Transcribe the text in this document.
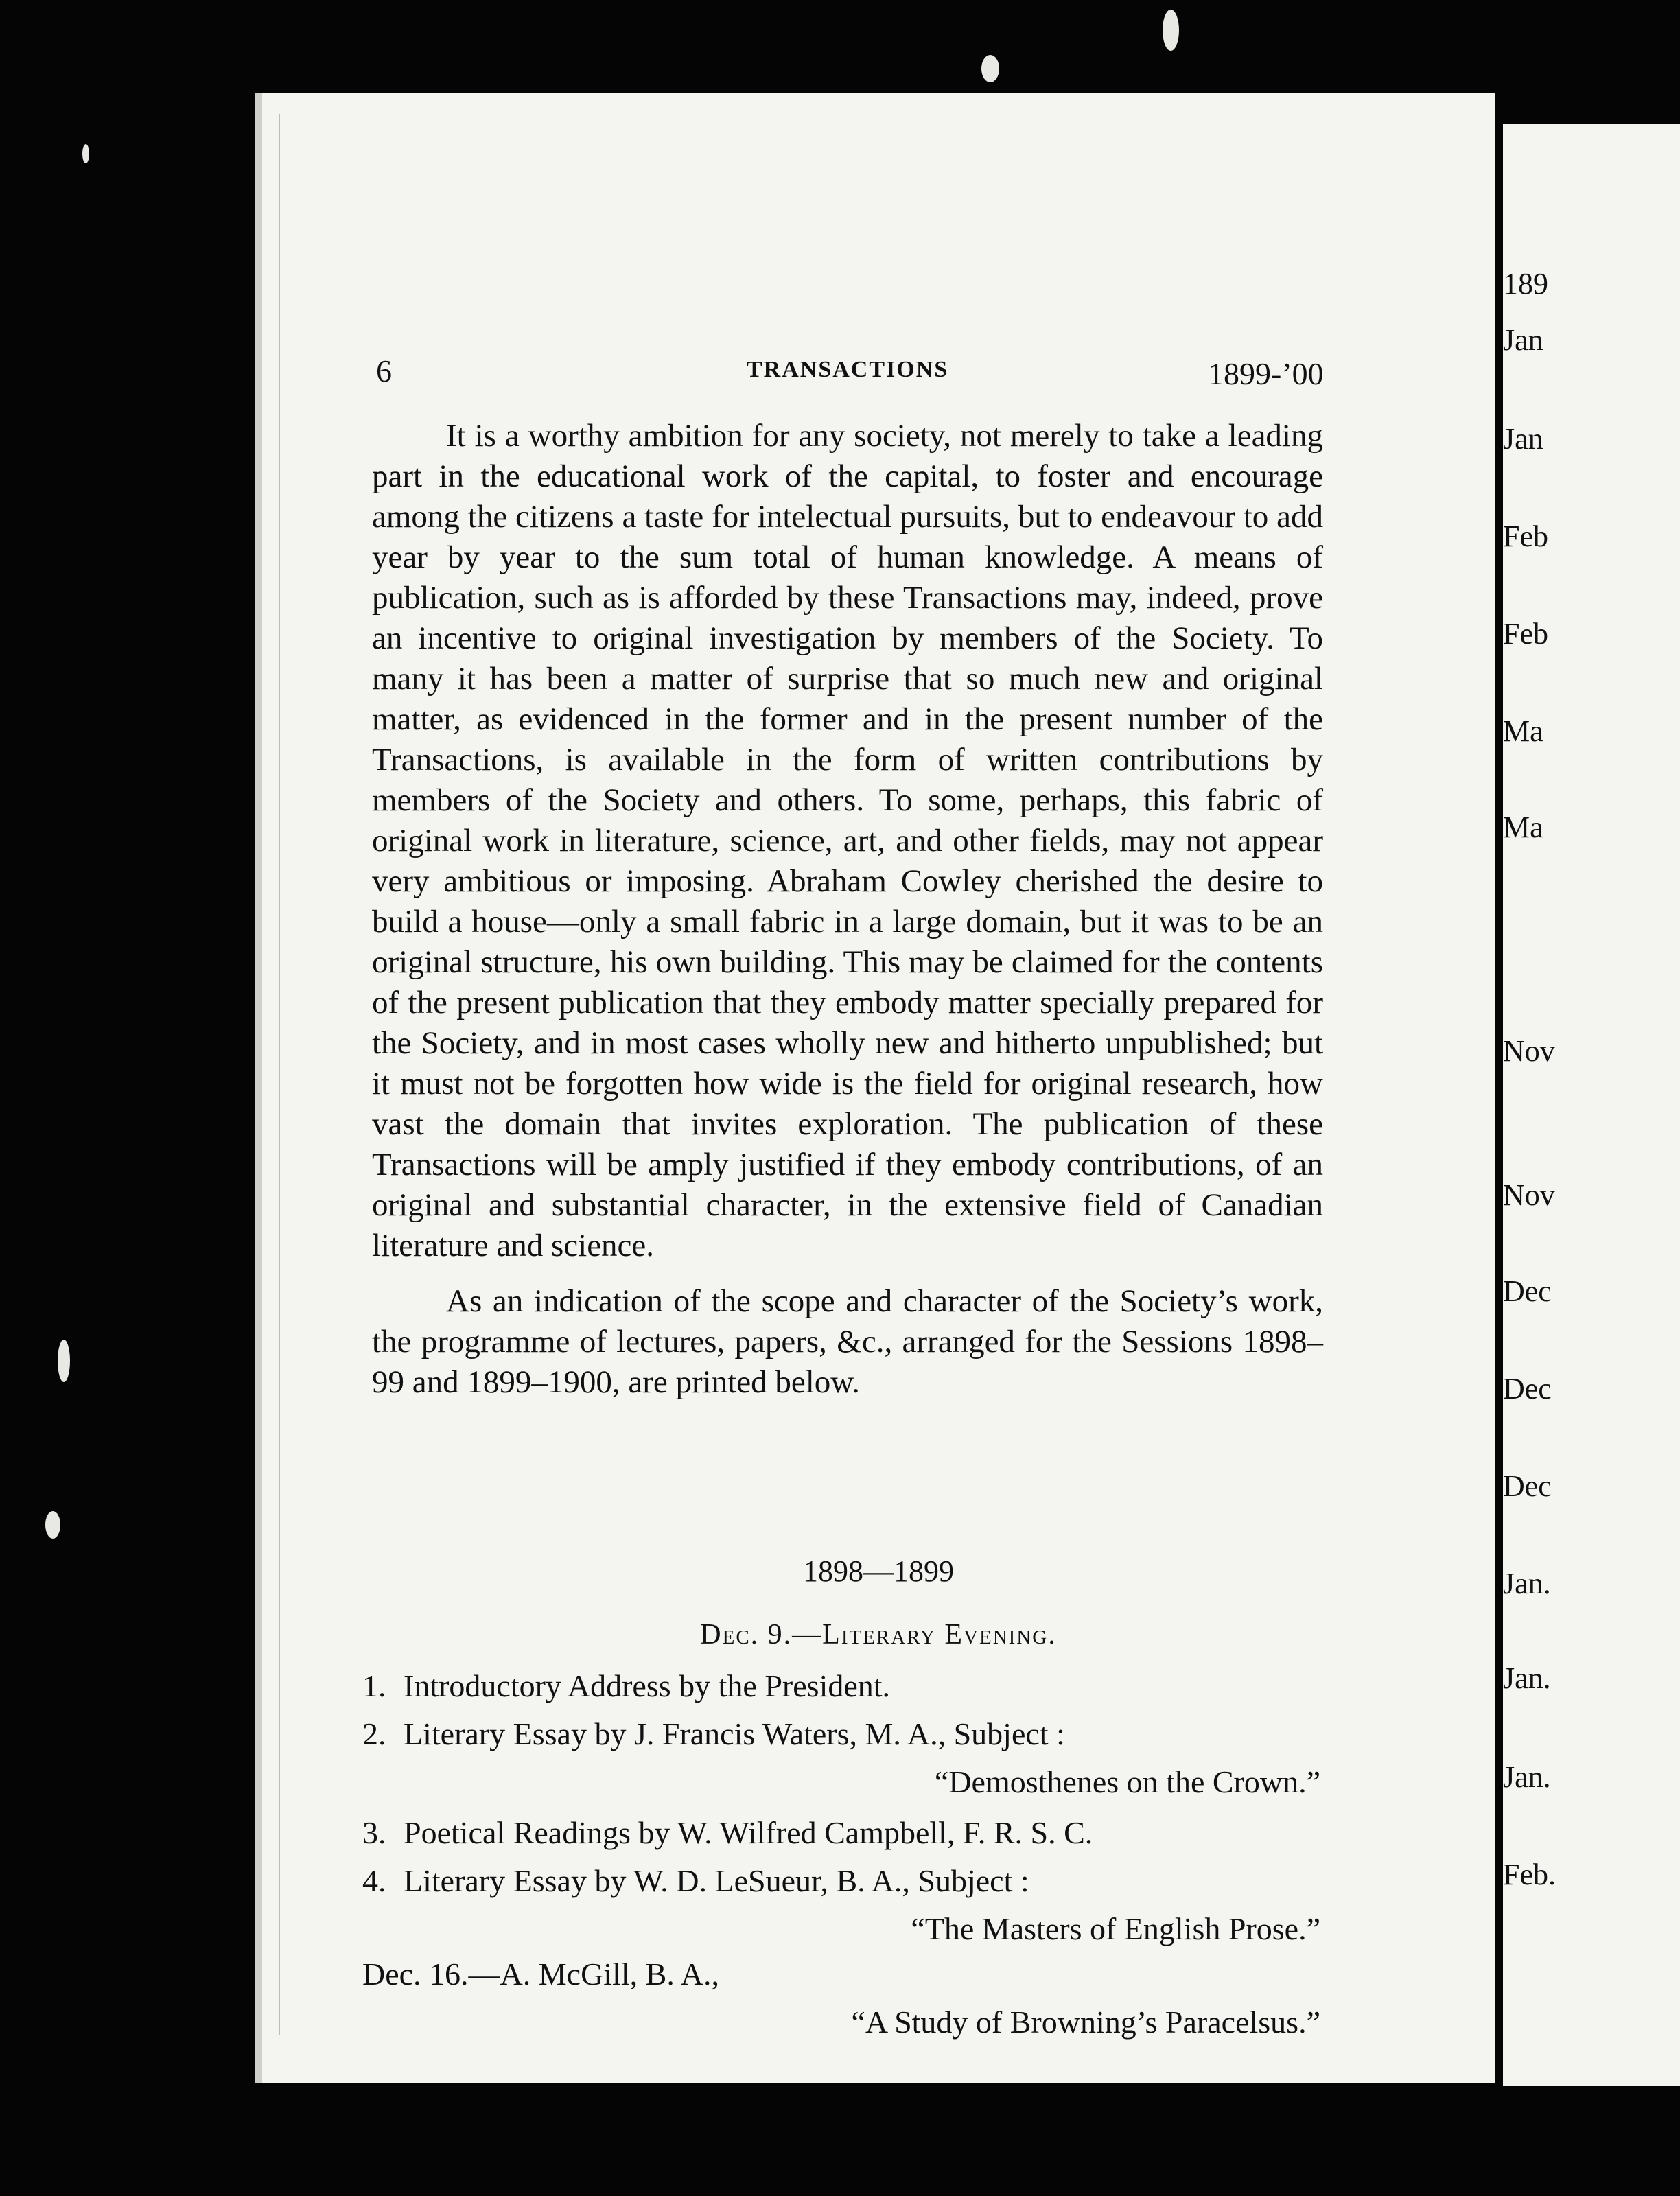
189
Jan
Jan
Feb
Feb
Ma
Ma
Nov
Nov
Dec
Dec
Dec
Jan.
Jan.
Jan.
Feb.
6	TRANSACTIONS	1899-’00

It is a worthy ambition for any society, not merely to take a leading part in the educational work of the capital, to foster and encourage among the citizens a taste for intelectual pursuits, but to endeavour to add year by year to the sum total of human knowledge. A means of publication, such as is afforded by these Transactions may, indeed, prove an incentive to original investigation by members of the Society. To many it has been a matter of surprise that so much new and original matter, as evidenced in the former and in the present number of the Transactions, is available in the form of written contributions by members of the Society and others. To some, perhaps, this fabric of original work in literature, science, art, and other fields, may not appear very ambitious or imposing. Abraham Cowley cherished the desire to build a house—only a small fabric in a large domain, but it was to be an original structure, his own building. This may be claimed for the contents of the present publication that they embody matter specially prepared for the Society, and in most cases wholly new and hitherto unpublished; but it must not be forgotten how wide is the field for original research, how vast the domain that invites exploration. The publication of these Transactions will be amply justified if they embody contributions, of an original and substantial character, in the extensive field of Canadian literature and science.

As an indication of the scope and character of the Society’s work, the programme of lectures, papers, &c., arranged for the Sessions 1898–99 and 1899–1900, are printed below.

1898—1899
Dec. 9.—Literary Evening.
1. Introductory Address by the President.
2. Literary Essay by J. Francis Waters, M. A., Subject :
“Demosthenes on the Crown.”
3. Poetical Readings by W. Wilfred Campbell, F. R. S. C.
4. Literary Essay by W. D. LeSueur, B. A., Subject :
“The Masters of English Prose.”
Dec. 16.—A. McGill, B. A.,
“A Study of Browning’s Paracelsus.”
